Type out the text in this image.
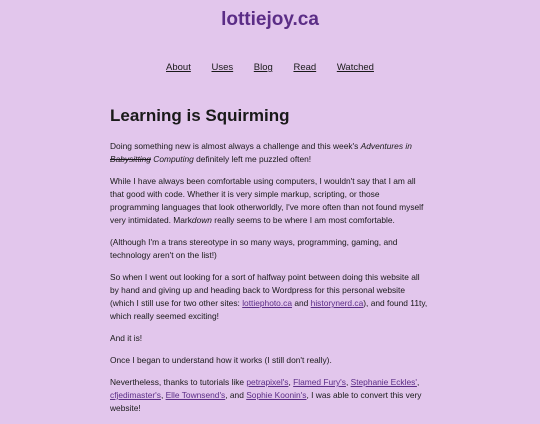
lottiejoy.ca
About Uses Blog Read Watched
Learning is Squirming

Doing something new is almost always a challenge and this week's Adventures in Babysitting Computing definitely left me puzzled often!

While I have always been comfortable using computers, I wouldn't say that I am all that good with code. Whether it is very simple markup, scripting, or those programming languages that look otherworldly, I've more often than not found myself very intimidated. Markdown really seems to be where I am most comfortable.

(Although I'm a trans stereotype in so many ways, programming, gaming, and technology aren't on the list!)

So when I went out looking for a sort of halfway point between doing this website all by hand and giving up and heading back to Wordpress for this personal website (which I still use for two other sites: lottiephoto.ca and historynerd.ca), and found 11ty, which really seemed exciting!

And it is!

Once I began to understand how it works (I still don't really).

Nevertheless, thanks to tutorials like petrapixel's, Flamed Fury's, Stephanie Eckles', cfjedimaster's, Elle Townsend's, and Sophie Koonin's, I was able to convert this very website!
